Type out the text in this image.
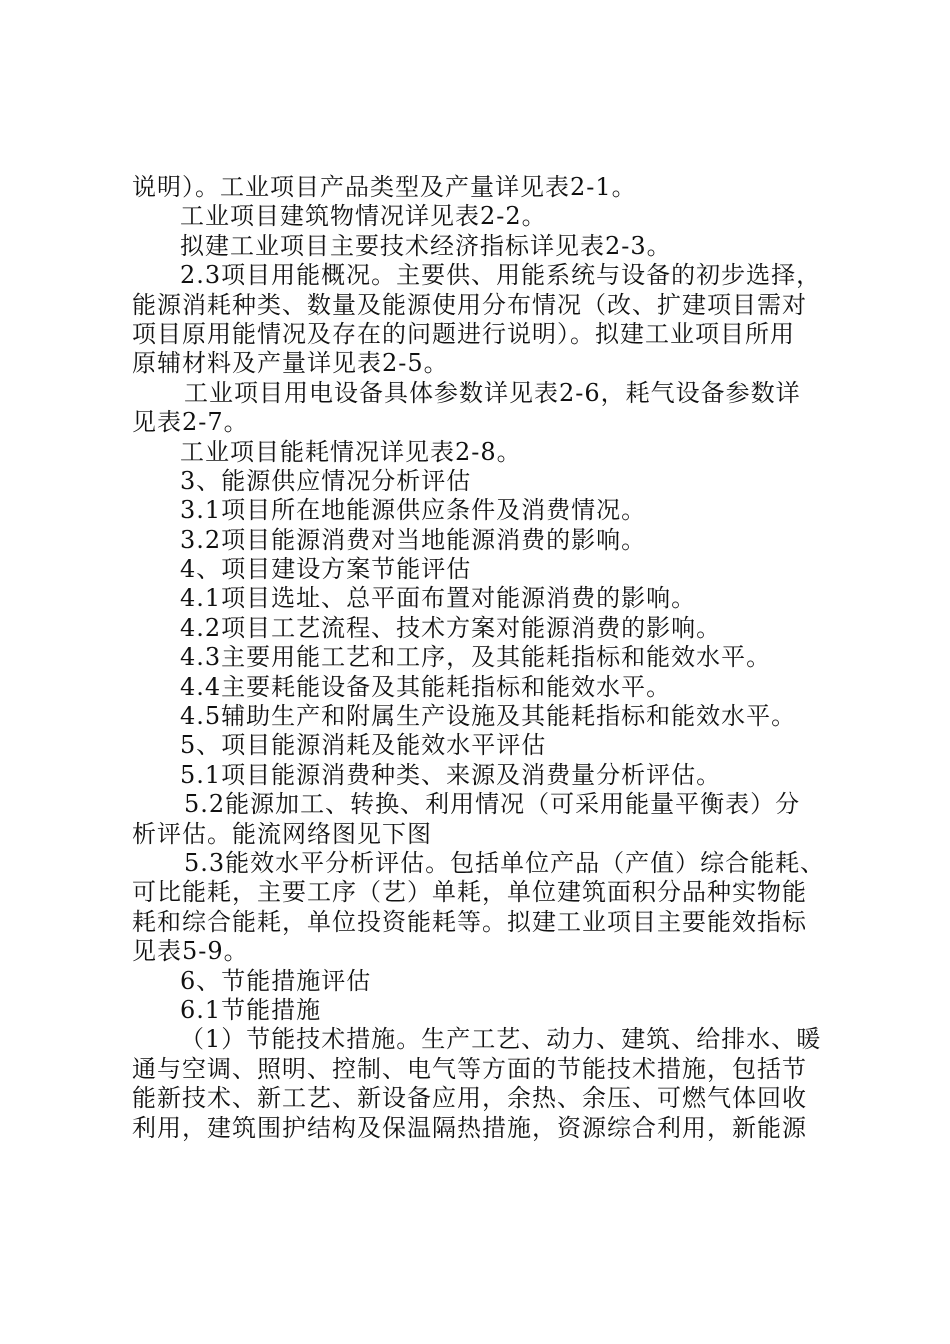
说明）。工业项目产品类型及产量详见表2-1。
工业项目建筑物情况详见表2-2。
拟建工业项目主要技术经济指标详见表2-3。
2.3项目用能概况。主要供、用能系统与设备的初步选择，
能源消耗种类、数量及能源使用分布情况（改、扩建项目需对
项目原用能情况及存在的问题进行说明）。拟建工业项目所用
原辅材料及产量详见表2-5。
工业项目用电设备具体参数详见表2-6，耗气设备参数详
见表2-7。
工业项目能耗情况详见表2-8。
3、能源供应情况分析评估
3.1项目所在地能源供应条件及消费情况。
3.2项目能源消费对当地能源消费的影响。
4、项目建设方案节能评估
4.1项目选址、总平面布置对能源消费的影响。
4.2项目工艺流程、技术方案对能源消费的影响。
4.3主要用能工艺和工序，及其能耗指标和能效水平。
4.4主要耗能设备及其能耗指标和能效水平。
4.5辅助生产和附属生产设施及其能耗指标和能效水平。
5、项目能源消耗及能效水平评估
5.1项目能源消费种类、来源及消费量分析评估。
5.2能源加工、转换、利用情况（可采用能量平衡表）分
析评估。能流网络图见下图
5.3能效水平分析评估。包括单位产品（产值）综合能耗、
可比能耗，主要工序（艺）单耗，单位建筑面积分品种实物能
耗和综合能耗，单位投资能耗等。拟建工业项目主要能效指标
见表5-9。
6、节能措施评估
6.1节能措施
（1）节能技术措施。生产工艺、动力、建筑、给排水、暖
通与空调、照明、控制、电气等方面的节能技术措施，包括节
能新技术、新工艺、新设备应用，余热、余压、可燃气体回收
利用，建筑围护结构及保温隔热措施，资源综合利用，新能源
